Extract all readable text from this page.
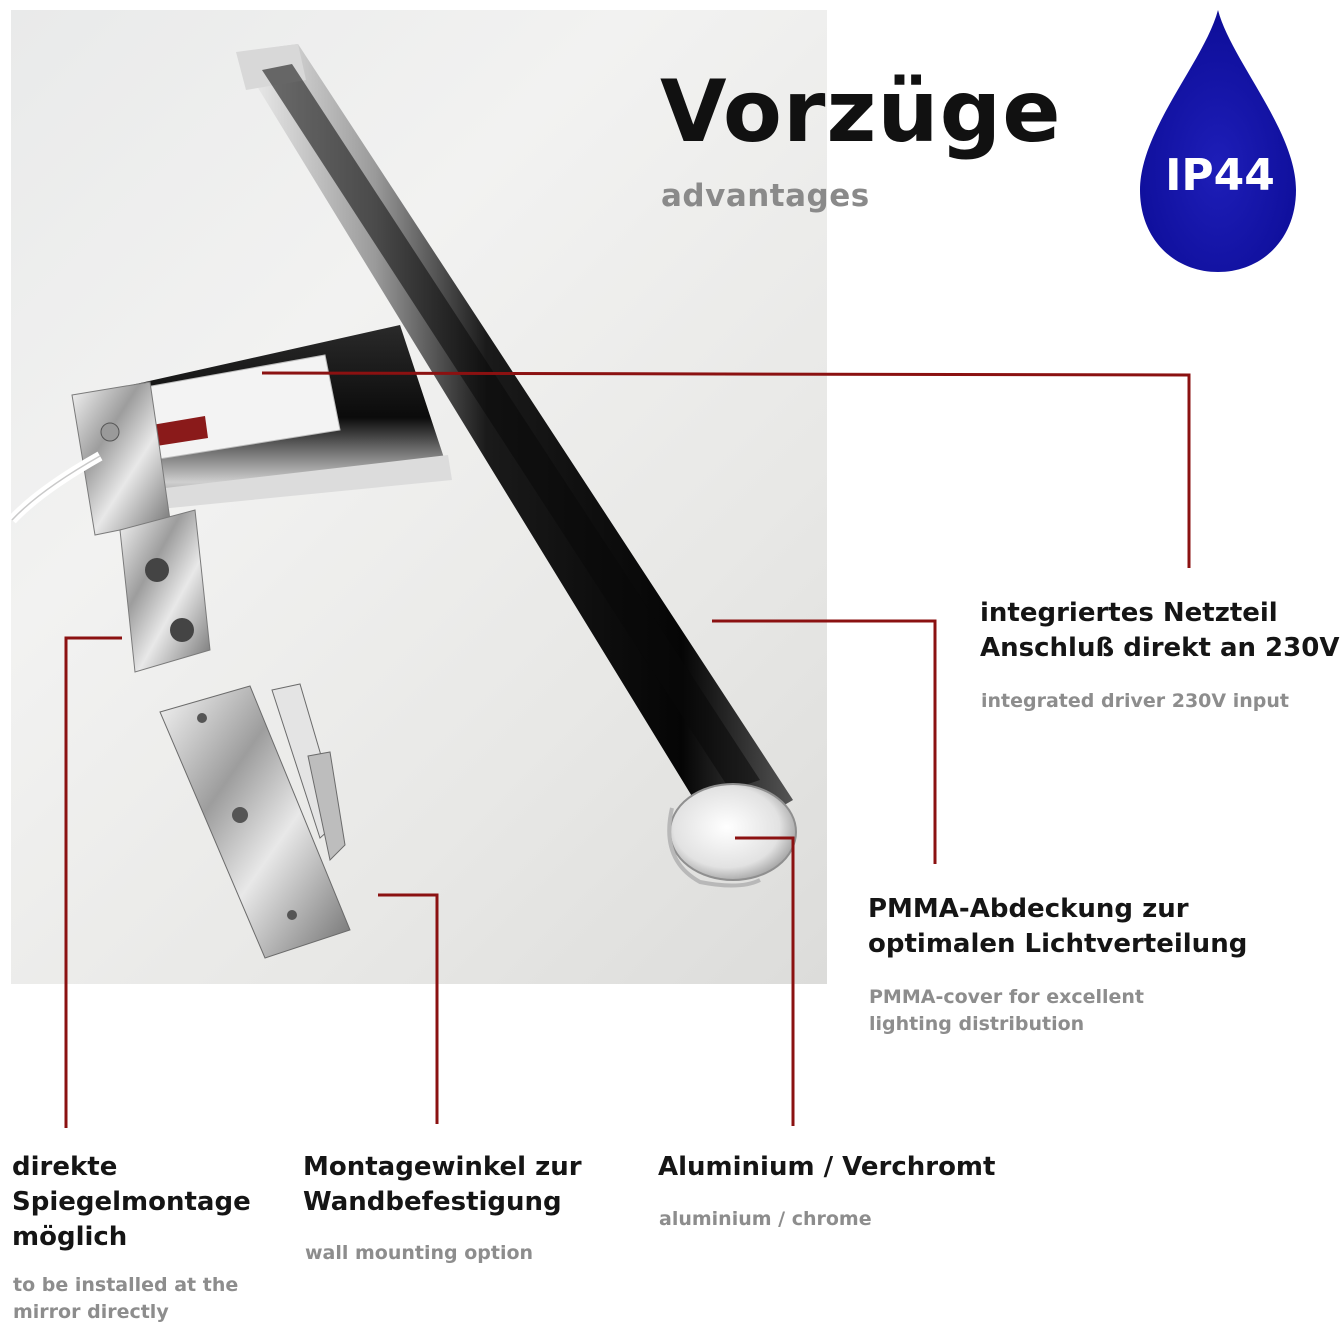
Vorzüge
advantages	IP44
integriertes Netzteil
Anschluß direkt an 230V
integrated driver 230V input
PMMA-Abdeckung zur
optimalen Lichtverteilung
PMMA-cover for excellent
lighting distribution
direkte
Spiegelmontage
möglich
to be installed at the
mirror directly
Montagewinkel zur
Wandbefestigung
wall mounting option
Aluminium / Verchromt
aluminium / chrome
